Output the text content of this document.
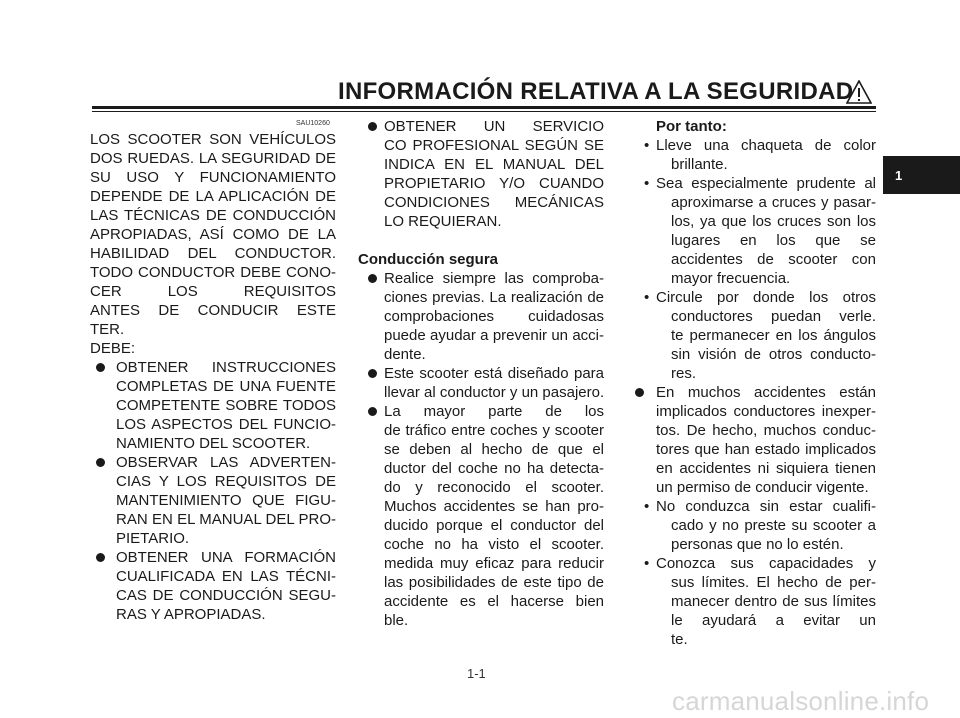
INFORMACIÓN RELATIVA A LA SEGURIDAD
1
SAU10260
LOS SCOOTER SON VEHÍCULOS
DOS RUEDAS. LA SEGURIDAD DE
SU USO Y FUNCIONAMIENTO
DEPENDE DE LA APLICACIÓN DE
LAS TÉCNICAS DE CONDUCCIÓN
APROPIADAS, ASÍ COMO DE LA
HABILIDAD DEL CONDUCTOR.
TODO CONDUCTOR DEBE CONO-
CER LOS REQUISITOS
ANTES DE CONDUCIR ESTE
TER.
DEBE:
OBTENER INSTRUCCIONES
COMPLETAS DE UNA FUENTE
COMPETENTE SOBRE TODOS
LOS ASPECTOS DEL FUNCIO-
NAMIENTO DEL SCOOTER.
OBSERVAR LAS ADVERTEN-
CIAS Y LOS REQUISITOS DE
MANTENIMIENTO QUE FIGU-
RAN EN EL MANUAL DEL PRO-
PIETARIO.
OBTENER UNA FORMACIÓN
CUALIFICADA EN LAS TÉCNI-
CAS DE CONDUCCIÓN SEGU-
RAS Y APROPIADAS.
OBTENER UN SERVICIO
CO PROFESIONAL SEGÚN SE
INDICA EN EL MANUAL DEL
PROPIETARIO Y/O CUANDO
CONDICIONES MECÁNICAS
LO REQUIERAN.
Conducción segura
Realice siempre las comproba-
ciones previas. La realización de
comprobaciones cuidadosas
puede ayudar a prevenir un acci-
dente.
Este scooter está diseñado para
llevar al conductor y un pasajero.
La mayor parte de los
de tráfico entre coches y scooter
se deben al hecho de que el
ductor del coche no ha detecta-
do y reconocido el scooter.
Muchos accidentes se han pro-
ducido porque el conductor del
coche no ha visto el scooter.
medida muy eficaz para reducir
las posibilidades de este tipo de
accidente es el hacerse bien
ble.
Por tanto:
• Lleve una chaqueta de color
brillante.
• Sea especialmente prudente al
aproximarse a cruces y pasar-
los, ya que los cruces son los
lugares en los que se
accidentes de scooter con
mayor frecuencia.
• Circule por donde los otros
conductores puedan verle.
te permanecer en los ángulos
sin visión de otros conducto-
res.
En muchos accidentes están
implicados conductores inexper-
tos. De hecho, muchos conduc-
tores que han estado implicados
en accidentes ni siquiera tienen
un permiso de conducir vigente.
• No conduzca sin estar cualifi-
cado y no preste su scooter a
personas que no lo estén.
• Conozca sus capacidades y
sus límites. El hecho de per-
manecer dentro de sus límites
le ayudará a evitar un
te.
1-1
carmanualsonline.info
